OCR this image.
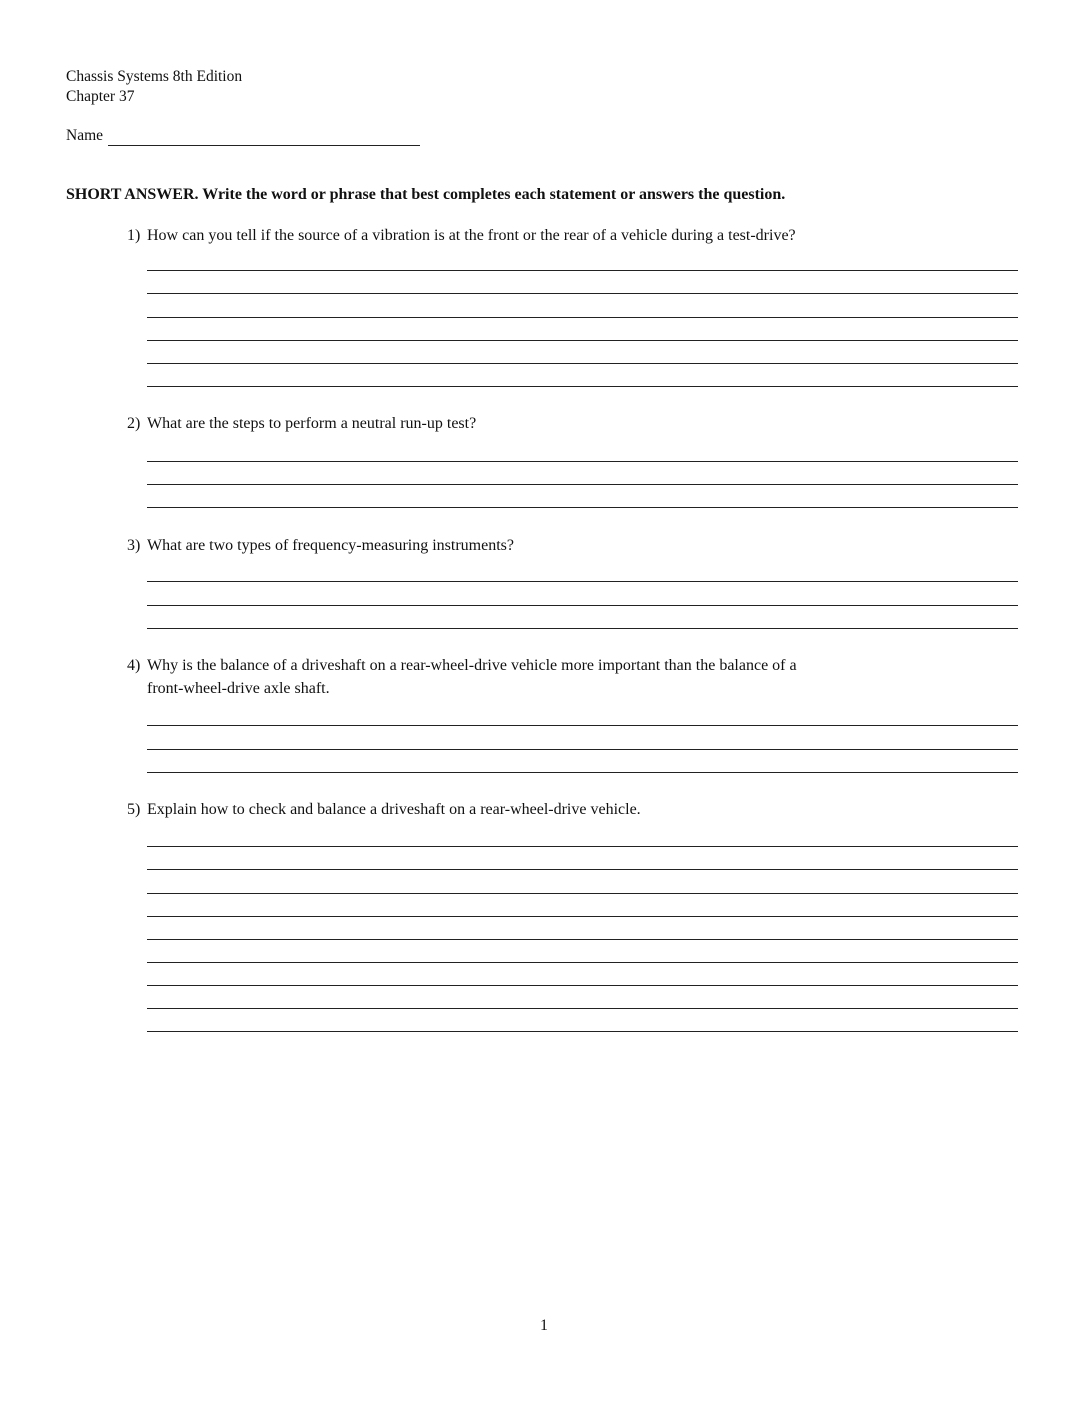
Chassis Systems 8th Edition
Chapter 37
Name
SHORT ANSWER. Write the word or phrase that best completes each statement or answers the question.
1) How can you tell if the source of a vibration is at the front or the rear of a vehicle during a test-drive?
2) What are the steps to perform a neutral run-up test?
3) What are two types of frequency-measuring instruments?
4) Why is the balance of a driveshaft on a rear-wheel-drive vehicle more important than the balance of a
front-wheel-drive axle shaft.
5) Explain how to check and balance a driveshaft on a rear-wheel-drive vehicle.
1
